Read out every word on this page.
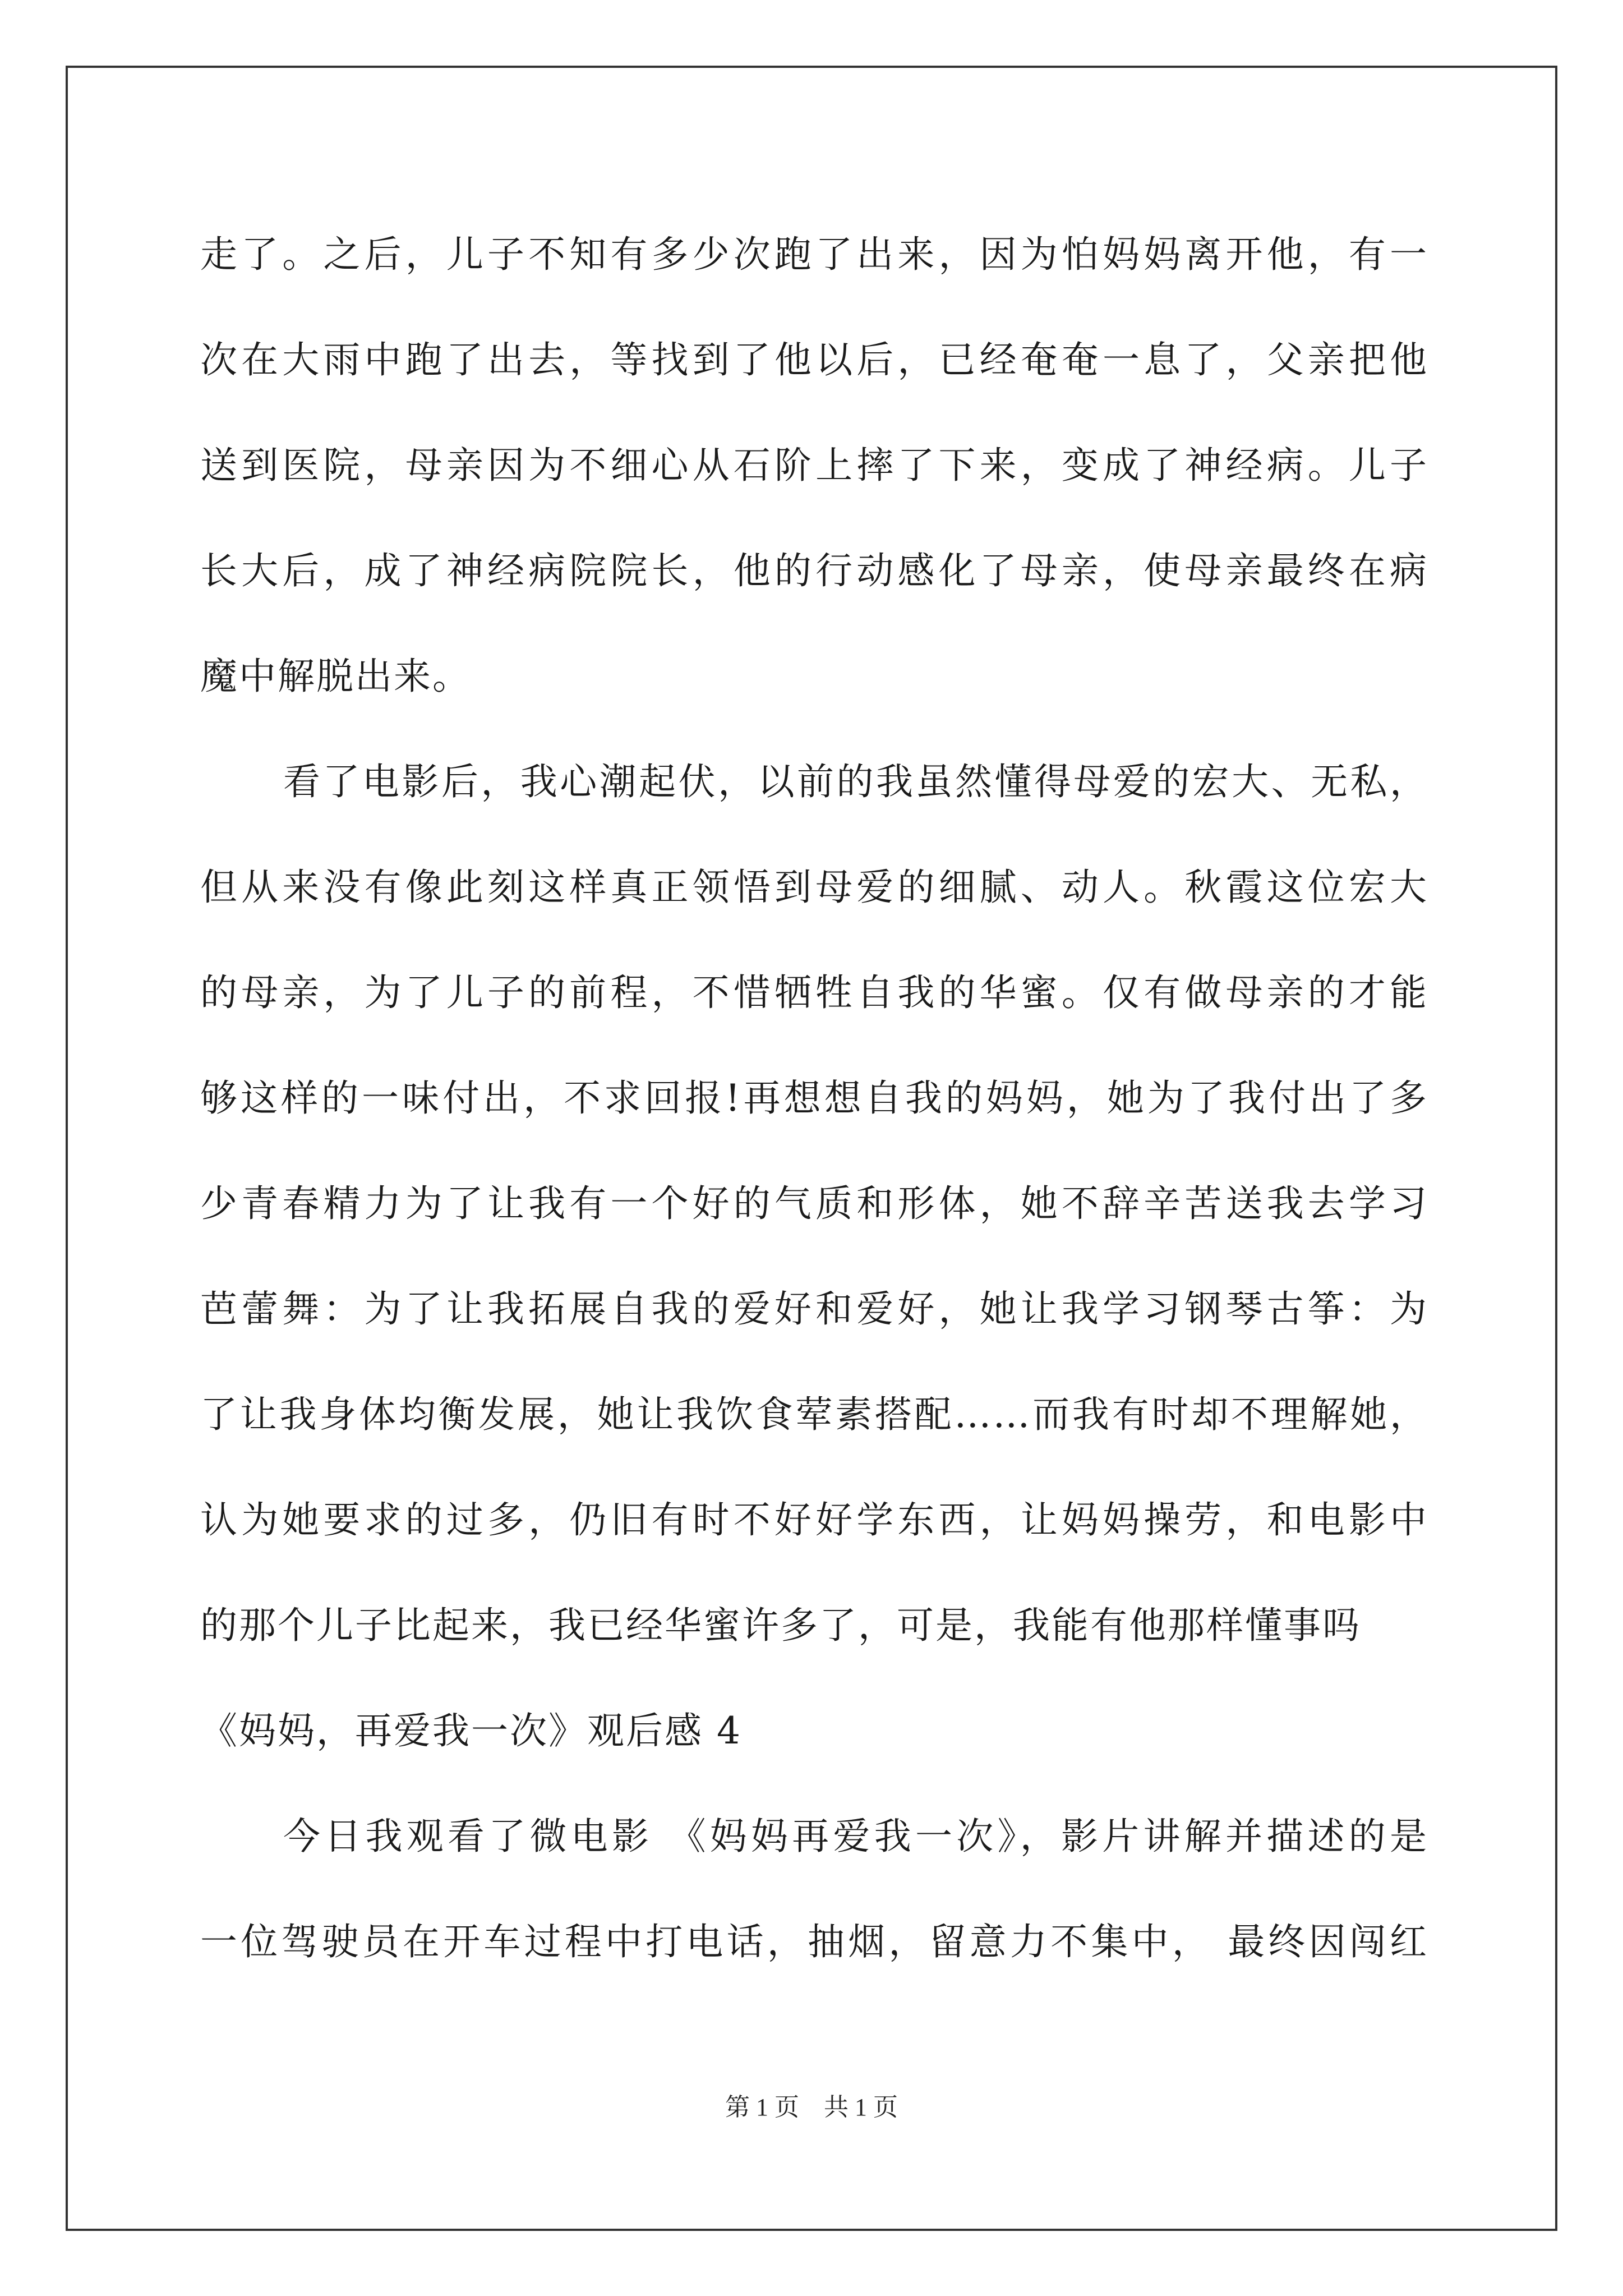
走了。之后，儿子不知有多少次跑了出来，因为怕妈妈离开他，有一
次在大雨中跑了出去，等找到了他以后，已经奄奄一息了，父亲把他
送到医院，母亲因为不细心从石阶上摔了下来，变成了神经病。儿子
长大后，成了神经病院院长，他的行动感化了母亲，使母亲最终在病
魔中解脱出来。
看了电影后，我心潮起伏，以前的我虽然懂得母爱的宏大、无私，
但从来没有像此刻这样真正领悟到母爱的细腻、动人。秋霞这位宏大
的母亲，为了儿子的前程，不惜牺牲自我的华蜜。仅有做母亲的才能
够这样的一味付出，不求回报!再想想自我的妈妈，她为了我付出了多
少青春精力为了让我有一个好的气质和形体，她不辞辛苦送我去学习
芭蕾舞：为了让我拓展自我的爱好和爱好，她让我学习钢琴古筝：为
了让我身体均衡发展，她让我饮食荤素搭配……而我有时却不理解她，
认为她要求的过多，仍旧有时不好好学东西，让妈妈操劳，和电影中
的那个儿子比起来，我已经华蜜许多了，可是，我能有他那样懂事吗
《妈妈，再爱我一次》观后感 4
今日我观看了微电影 《妈妈再爱我一次》，影片讲解并描述的是
一位驾驶员在开车过程中打电话，抽烟，留意力不集中， 最终因闯红
第 1 页　共 1 页
